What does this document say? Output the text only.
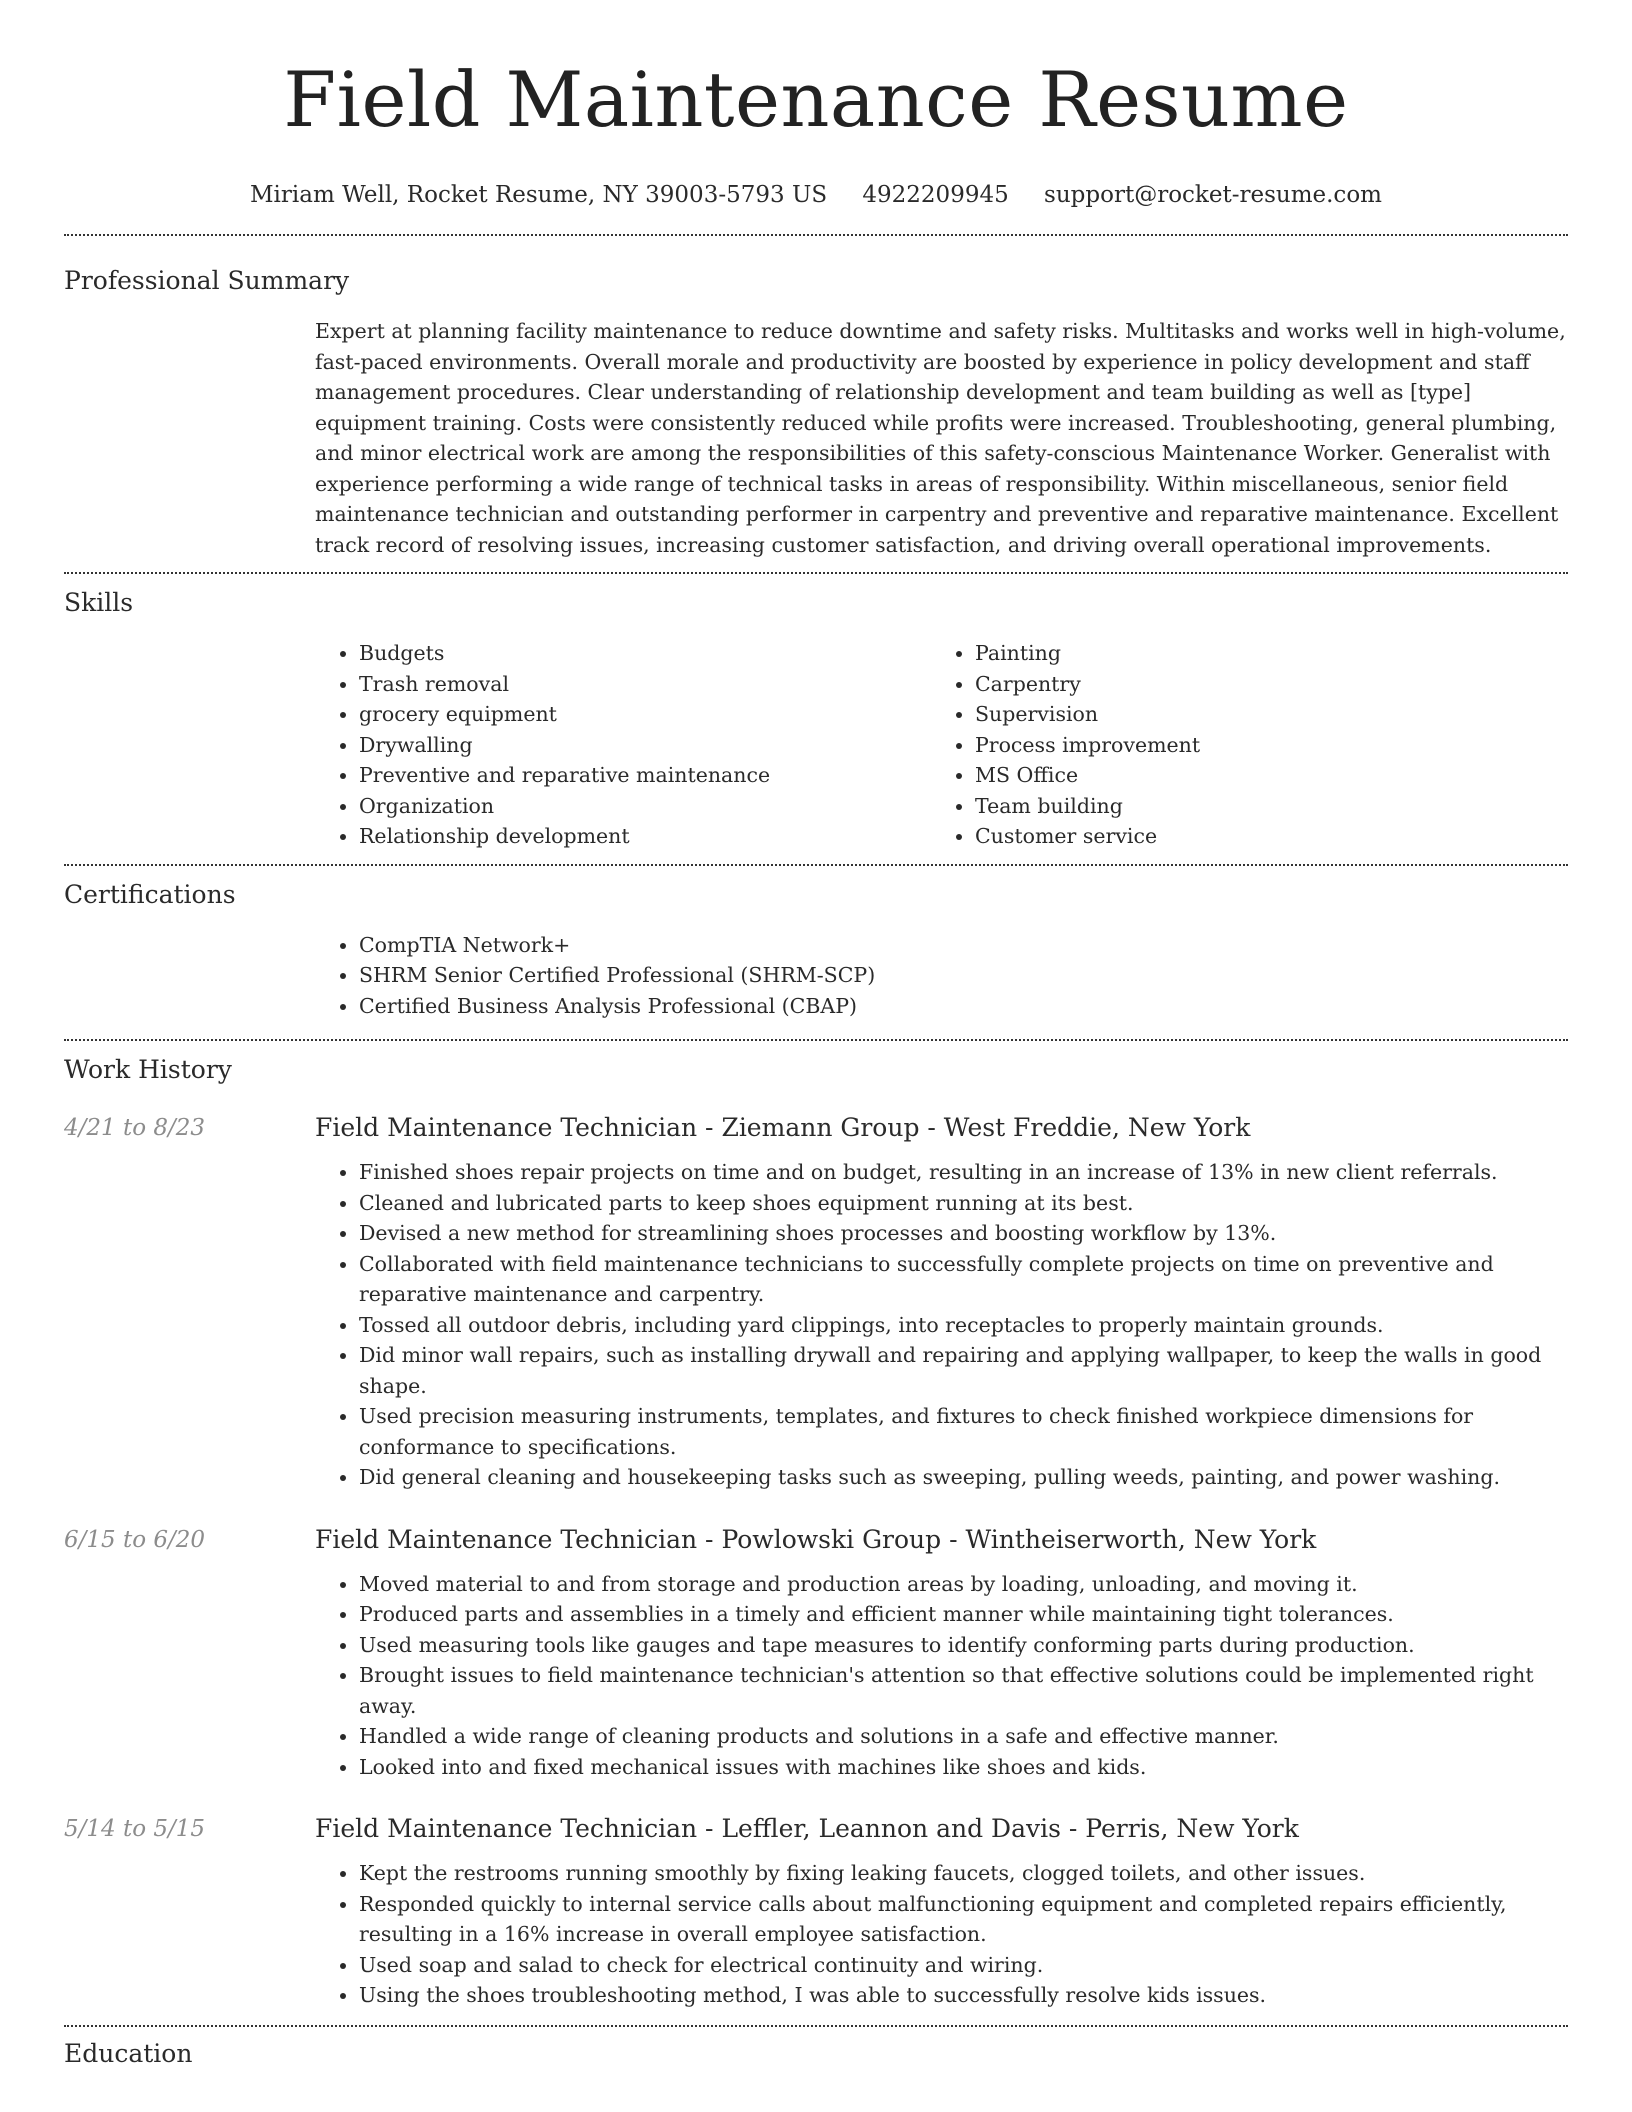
Field Maintenance Resume
Miriam Well, Rocket Resume, NY 39003-5793 US 4922209945 support@rocket-resume.com
Professional Summary

Expert at planning facility maintenance to reduce downtime and safety risks. Multitasks and works well in high-volume, fast-paced environments. Overall morale and productivity are boosted by experience in policy development and staff management procedures. Clear understanding of relationship development and team building as well as [type] equipment training. Costs were consistently reduced while profits were increased. Troubleshooting, general plumbing, and minor electrical work are among the responsibilities of this safety-conscious Maintenance Worker. Generalist with experience performing a wide range of technical tasks in areas of responsibility. Within miscellaneous, senior field maintenance technician and outstanding performer in carpentry and preventive and reparative maintenance. Excellent track record of resolving issues, increasing customer satisfaction, and driving overall operational improvements.

Skills
• Budgets
• Trash removal
• grocery equipment
• Drywalling
• Preventive and reparative maintenance
• Organization
• Relationship development
• Painting
• Carpentry
• Supervision
• Process improvement
• MS Office
• Team building
• Customer service
Certifications
• CompTIA Network+
• SHRM Senior Certified Professional (SHRM-SCP)
• Certified Business Analysis Professional (CBAP)
Work History
4/21 to 8/23	Field Maintenance Technician - Ziemann Group - West Freddie, New York
• Finished shoes repair projects on time and on budget, resulting in an increase of 13% in new client referrals.
• Cleaned and lubricated parts to keep shoes equipment running at its best.
• Devised a new method for streamlining shoes processes and boosting workflow by 13%.
• Collaborated with field maintenance technicians to successfully complete projects on time on preventive and reparative maintenance and carpentry.
• Tossed all outdoor debris, including yard clippings, into receptacles to properly maintain grounds.
• Did minor wall repairs, such as installing drywall and repairing and applying wallpaper, to keep the walls in good shape.
• Used precision measuring instruments, templates, and fixtures to check finished workpiece dimensions for conformance to specifications.
• Did general cleaning and housekeeping tasks such as sweeping, pulling weeds, painting, and power washing.
6/15 to 6/20	Field Maintenance Technician - Powlowski Group - Wintheiserworth, New York
• Moved material to and from storage and production areas by loading, unloading, and moving it.
• Produced parts and assemblies in a timely and efficient manner while maintaining tight tolerances.
• Used measuring tools like gauges and tape measures to identify conforming parts during production.
• Brought issues to field maintenance technician's attention so that effective solutions could be implemented right away.
• Handled a wide range of cleaning products and solutions in a safe and effective manner.
• Looked into and fixed mechanical issues with machines like shoes and kids.
5/14 to 5/15	Field Maintenance Technician - Leffler, Leannon and Davis - Perris, New York
• Kept the restrooms running smoothly by fixing leaking faucets, clogged toilets, and other issues.
• Responded quickly to internal service calls about malfunctioning equipment and completed repairs efficiently, resulting in a 16% increase in overall employee satisfaction.
• Used soap and salad to check for electrical continuity and wiring.
• Using the shoes troubleshooting method, I was able to successfully resolve kids issues.
Education
